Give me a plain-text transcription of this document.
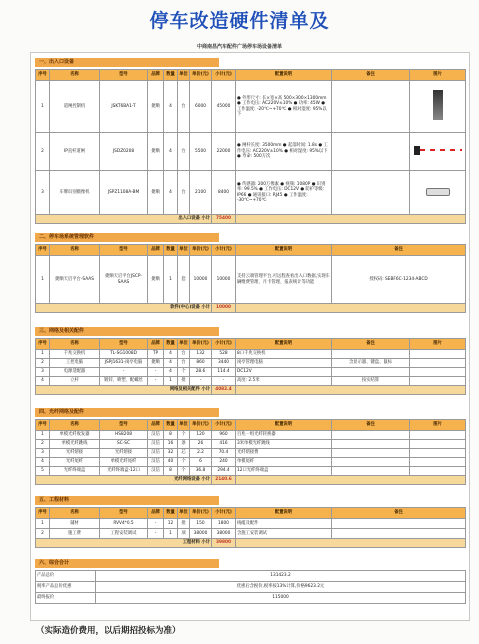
停车改造硬件清单及
中商南昌汽车配件广场停车场设备清单
一、出入口设备
序号	名称	型号	品牌	数量	单位	单价(元)	小计(元)	配置说明	备注	图片
1	道闸控制机	JSKT6BA1-T	捷顺	4	台	6000	45000	● 外形尺寸: 长×宽×高 500×300×1300mm ● 工作电压: AC220V±10% ● 功率: 45W ● 工作温度: -20℃~+70℃ ● 相对湿度: 95%以下		
2	IP直杆道闸	JSDZ0208	捷顺	4	台	5500	22000	● 闸杆长度: 3500mm ● 起落时间: 1.8s ● 工作电压: AC220V±10% ● 相对湿度: 95%以下 ● 寿命: 500万次		

3	车牌识别摄像机	JSPZ1108A-BM	捷顺	4	台	2100	8400	● 传感器: 200万像素 ● 视频: 1080P ● 识别率: 99.5% ● 工作电压: DC12V ● 防护等级: IP66 ● 通讯接口: RJ45 ● 工作温度: -30℃~+70℃		

出入口设备 小计							75400			
二、停车场系统管理软件
序号	名称	型号	品牌	数量	单位	单价(元)	小计(元)	配置说明	备注
1	捷顺天启平台-SAAS	捷顺天启平台JSCP-SAAS	捷顺	1	套	10000	10000	支持云端管理平台,可远程查看出入口数据,实现车辆缴费管理、月卡管理、报表统计等功能	授权码: SEBF6C-1234-ABCD
软件(中心)设备 小计							10000		
三、网络及相关配件
序号	名称	型号	品牌	数量	单位	单价(元)	小计(元)	配置说明	备注	图片
1	千兆交换机	TL-SG1008D	TP	4	台	132	528	8口千兆交换机		
2	工控电脑	JSPJ1631-岗亭电脑	捷顺	4	台	860	3440	岗亭管理电脑	含显示器、键盘、鼠标	
3	电源适配器	-	-	4	个	28.6	114.4	DC12V		
4	立杆	镀锌、喷塑、配螺丝	-	1	批	-	-	高度: 2.5米	按实结算	
网络及相关配件 小计							4082.4			
四、光纤网络及配件
序号	名称	型号	品牌	数量	单位	单价(元)	小计(元)	配置说明	备注	图片
1	单模光纤收发器	HS8208	汉信	8	个	120	960	百兆一组光纤转换器		
2	单模光纤跳线	SC-SC	汉信	16	条	26	416	3米单模光纤跳线		
3	光纤熔接	光纤熔接	汉信	32	芯	2.2	70.4	光纤熔接费		
4	光纤尾纤	单模光纤尾纤	汉信	40	个	6	240	单模尾纤		
5	光纤终端盒	光纤终端盒-12口	汉信	8	个	36.8	294.4	12口光纤终端盒		
光纤网络设备 小计							2140.6			
五、工程材料
序号	名称	型号	品牌	数量	单位	单价(元)	小计(元)	配置说明	备注
1	辅材	RVV4*0.5	-	12	批	150	1800	线缆及配件	
2	施工费	工程安装调试	-	1	项	38000	38000	含施工安装调试	
工程材料 小计							39800		
六、综合合计
产品总价	131423.2
税率产品总价优惠	优惠后含税价,税率按13%计算,价格9623.2元
最终报价	115000
（实际造价费用，以后期招投标为准）
